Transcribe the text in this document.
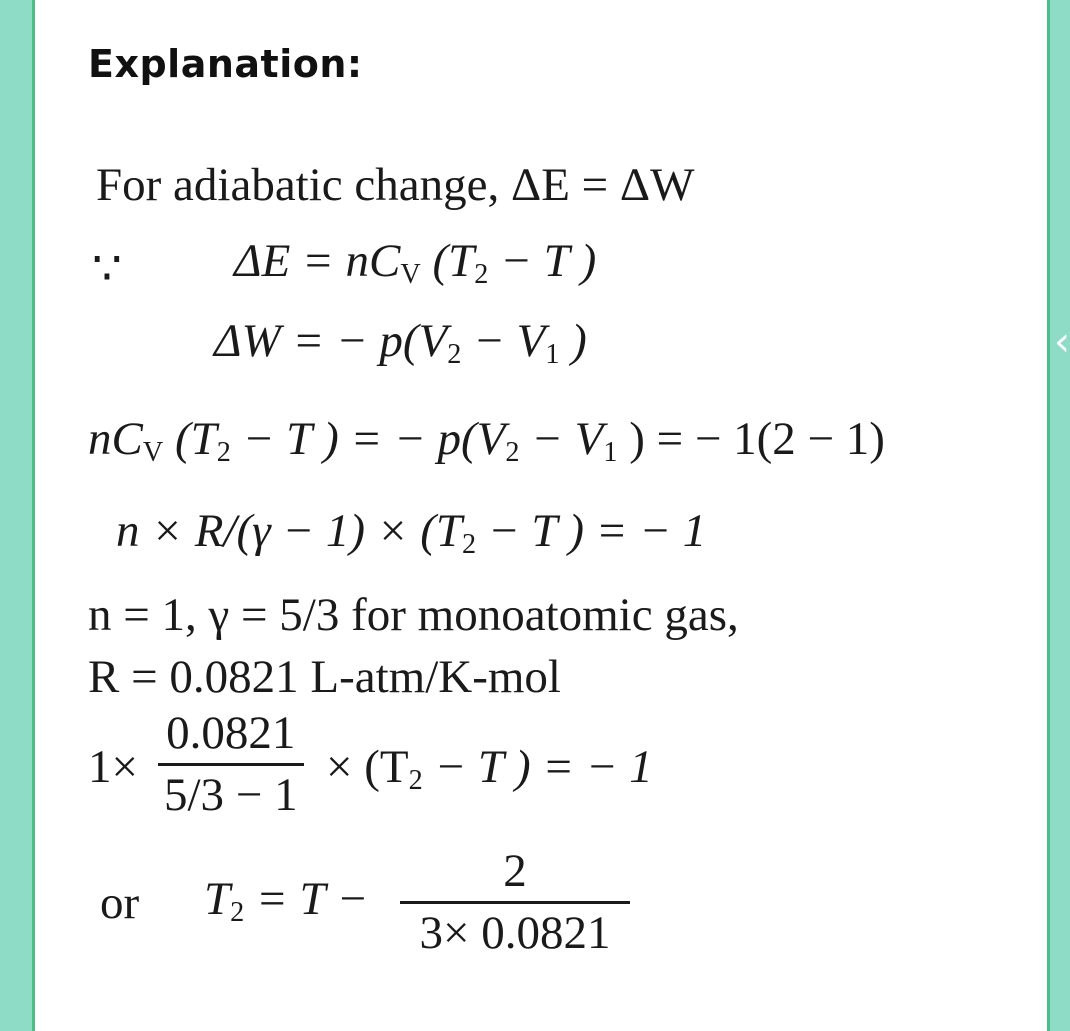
Explanation:
For adiabatic change, ΔE = ΔW
∵ $\Delta E = nC_V$ ($T_2 - T$ )
ΔW = − $p(V_2 - V_1$ )
$nC_V$ ($T_2 - T$ ) = − $p(V_2 - V_1$ ) = − 1(2 − 1)
$n \times R/(\gamma - 1) \times (T_2 - T$ ) = − 1
n = 1, γ = 5/3 for monoatomic gas,
R = 0.0821 L-atm/K-mol
$1\times \frac{0.0821}{5/3 - 1} \times (T_2 - T$ ) = − 1
or $T_2 = T - \frac{2}{3\times 0.0821}$
‹
